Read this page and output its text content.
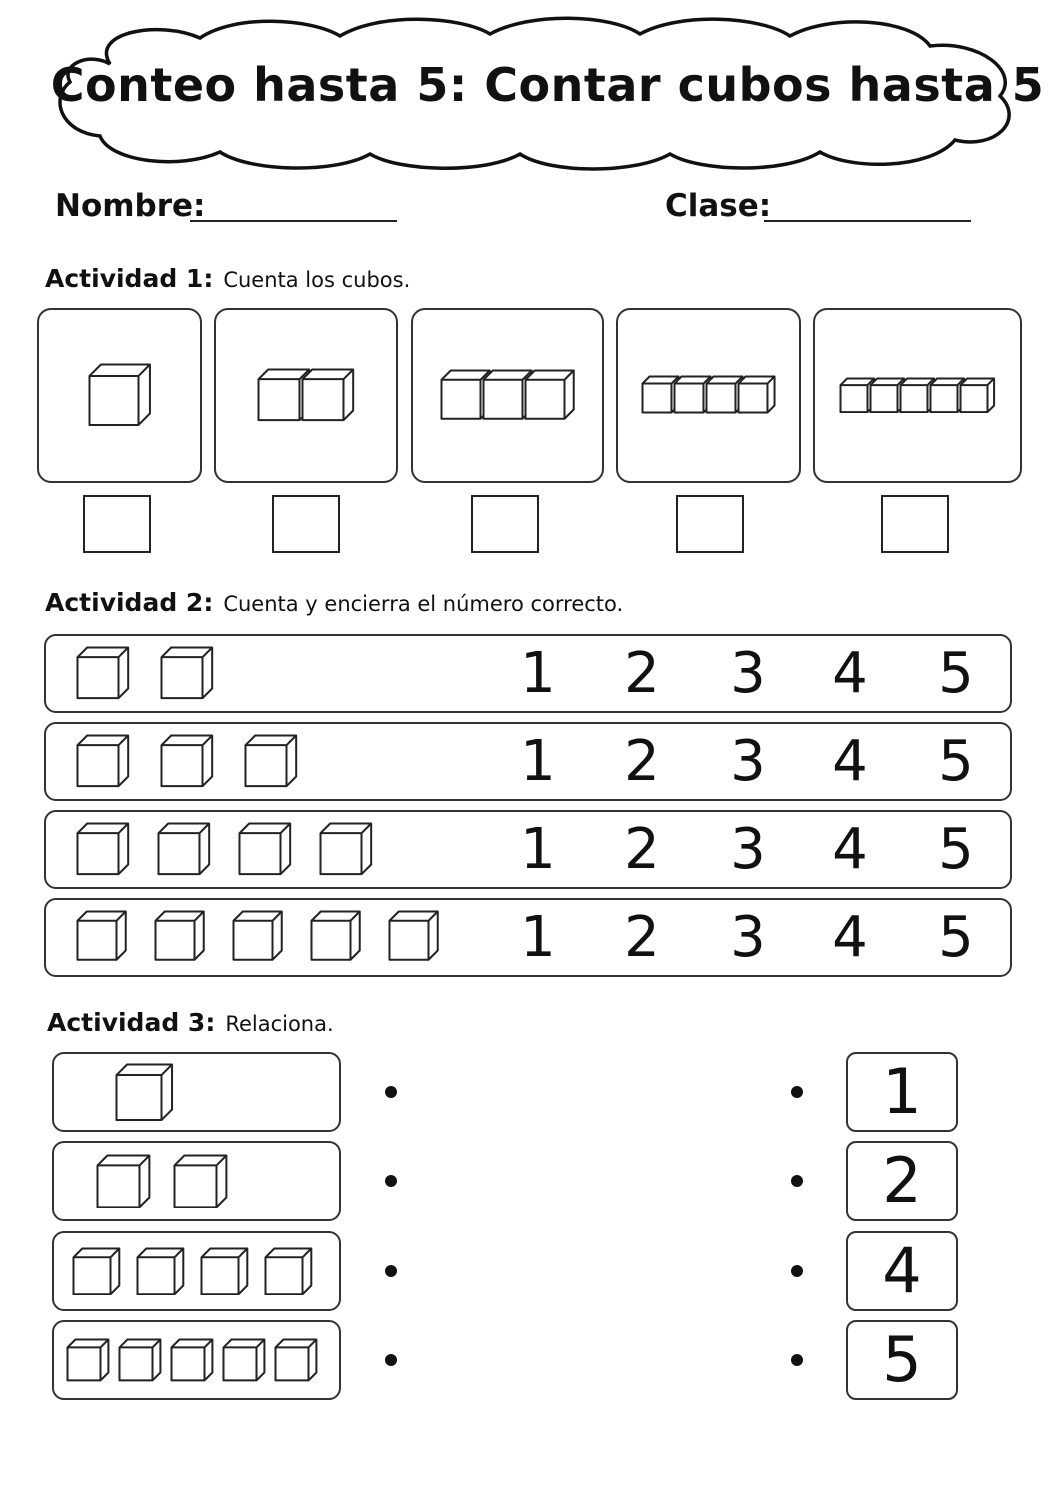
Conteo hasta 5: Contar cubos hasta 5
Nombre:	Clase:
Actividad 1: Cuenta los cubos.
Actividad 2: Cuenta y encierra el número correcto.
1 2 3 4 5
1 2 3 4 5
1 2 3 4 5
1 2 3 4 5
Actividad 3: Relaciona.
1
2
4
5
